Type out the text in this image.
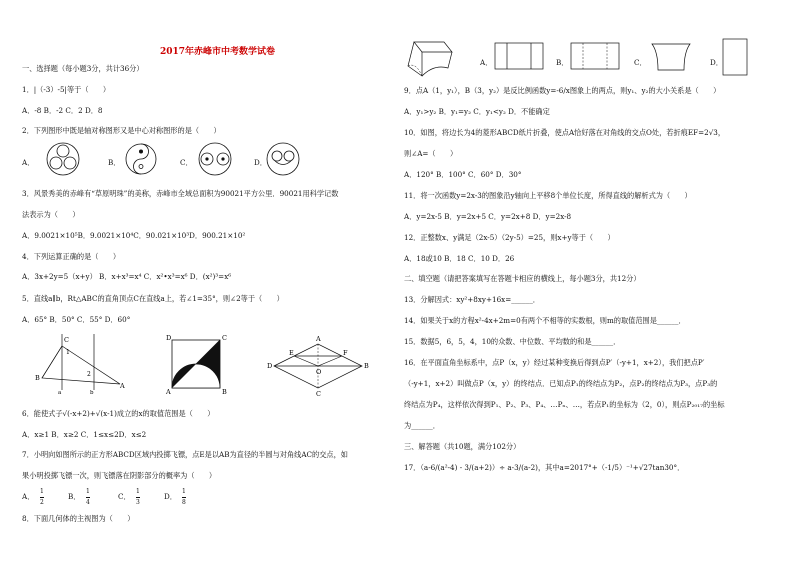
2017年赤峰市中考数学试卷
一、选择题（每小题3分，共计36分）
1．|（-3）-5|等于（　　）
A．-8 B．-2 C．2 D．8
2．下列图形中既是轴对称图形又是中心对称图形的是（　　）
A．	B．	C．	D．
3．风景秀美的赤峰有“草原明珠”的美称，赤峰市全域总面积为90021平方公里．90021用科学记数
法表示为（　　）
A．9.0021×10⁵B．9.0021×10⁴C．90.021×10³D．900.21×10²
4．下列运算正确的是（　　）
A．3x+2y=5（x+y） B．x+x³=x⁴ C．x²•x³=x⁶ D．(x²)³=x⁶
5．直线a∥b，Rt△ABC的直角顶点C在直线a上，若∠1=35°，则∠2等于（　　）
A．65° B．50° C．55° D．60°
C
1
B	2
A
a	b
D	C
A	B
A
E	F
B
O
D
C
6．能使式子√(-x+2)+√(x-1)成立的x的取值范围是（　　）
A．x≥1 B．x≥2 C．1≤x≤2D．x≤2
7．小明向如图所示的正方形ABCD区域内投掷飞镖，点E是以AB为直径的半圆与对角线AC的交点，如
果小明投掷飞镖一次，则飞镖落在阴影部分的概率为（　　）
A．
1
2
B．
1
4
C．
1
3
D．
1
8
8．下面几何体的主视图为（　　）
A．	B．	C．	D．
9．点A（1，y₁），B（3，y₂）是反比例函数y=-6/x图象上的两点，则y₁、y₂的大小关系是（　　）
A．y₁>y₂ B．y₁=y₂ C．y₁<y₂ D．不能确定
10．如图，将边长为4的菱形ABCD纸片折叠，使点A恰好落在对角线的交点O处，若折痕EF=2√3，
则∠A=（　　）
A．120° B．100° C．60° D．30°
11．将一次函数y=2x-3的图象沿y轴向上平移8个单位长度，所得直线的解析式为（　　）
A．y=2x-5 B．y=2x+5 C．y=2x+8 D．y=2x-8
12．正整数x、y满足（2x-5）（2y-5）=25，则x+y等于（　　）
A．18或10 B．18 C．10 D．26
二、填空题（请把答案填写在答题卡相应的横线上，每小题3分，共12分）
13．分解因式：xy²+8xy+16x=______．
14．如果关于x的方程x²-4x+2m=0有两个不相等的实数根，则m的取值范围是______．
15．数据5，6，5，4，10的众数、中位数、平均数的和是______．
16．在平面直角坐标系中，点P（x，y）经过某种变换后得到点P′（-y+1，x+2），我们把点P′
（-y+1，x+2）叫做点P（x，y）的终结点．已知点P₁的终结点为P₂，点P₂的终结点为P₃，点P₃的
终结点为P₄，这样依次得到P₁、P₂、P₃、P₄、…Pₙ、…，若点P₁的坐标为（2，0），则点P₂₀₁₇的坐标
为______．
三、解答题（共10题，满分102分）
17．（a-6/(a²-4) - 3/(a+2)）÷ a-3/(a-2)，其中a=2017°+（-1/5）⁻¹+√27tan30°．
